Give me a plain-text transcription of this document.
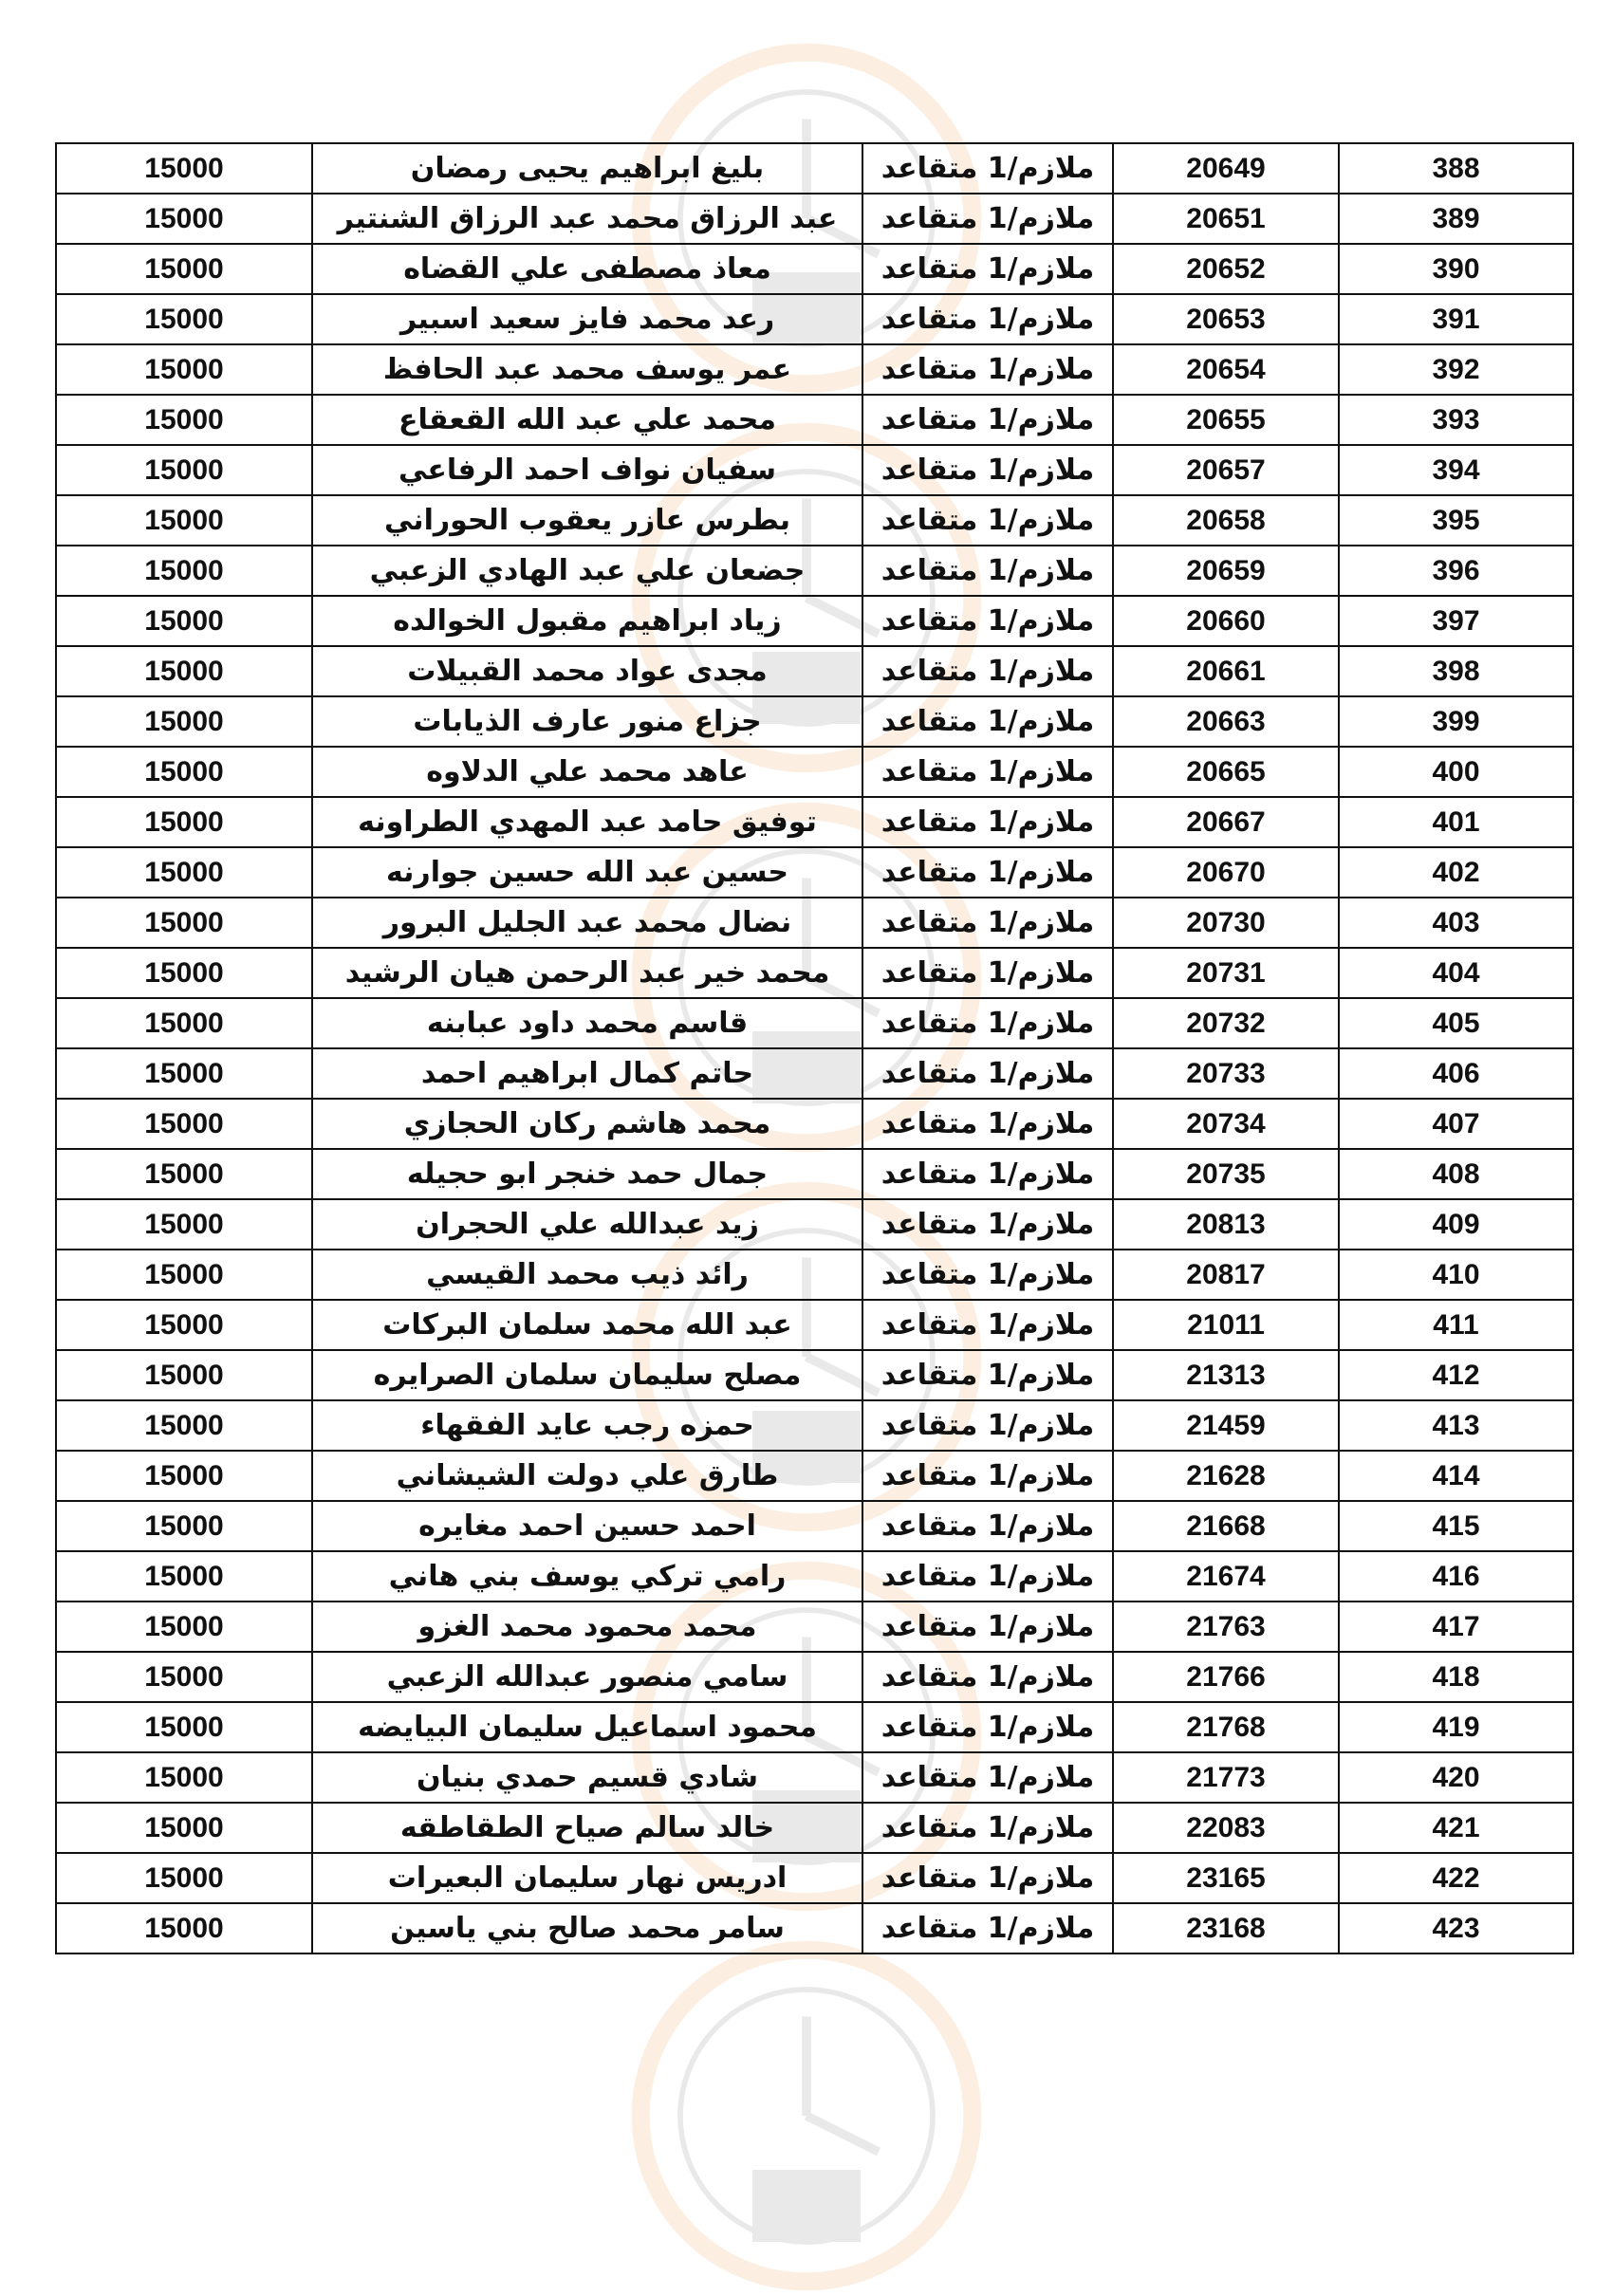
15000	بليغ ابراهيم يحيى رمضان	ملازم/1 متقاعد	20649	388
15000	عبد الرزاق محمد عبد الرزاق الشنتير	ملازم/1 متقاعد	20651	389
15000	معاذ مصطفى علي القضاه	ملازم/1 متقاعد	20652	390
15000	رعد محمد فايز سعيد اسبير	ملازم/1 متقاعد	20653	391
15000	عمر يوسف محمد عبد الحافظ	ملازم/1 متقاعد	20654	392
15000	محمد علي عبد الله القعقاع	ملازم/1 متقاعد	20655	393
15000	سفيان نواف احمد الرفاعي	ملازم/1 متقاعد	20657	394
15000	بطرس عازر يعقوب الحوراني	ملازم/1 متقاعد	20658	395
15000	جضعان علي عبد الهادي الزعبي	ملازم/1 متقاعد	20659	396
15000	زياد ابراهيم مقبول الخوالده	ملازم/1 متقاعد	20660	397
15000	مجدى عواد محمد القبيلات	ملازم/1 متقاعد	20661	398
15000	جزاع منور عارف الذيابات	ملازم/1 متقاعد	20663	399
15000	عاهد محمد علي الدلاوه	ملازم/1 متقاعد	20665	400
15000	توفيق حامد عبد المهدي الطراونه	ملازم/1 متقاعد	20667	401
15000	حسين عبد الله حسين جوارنه	ملازم/1 متقاعد	20670	402
15000	نضال محمد عبد الجليل البرور	ملازم/1 متقاعد	20730	403
15000	محمد خير عبد الرحمن هيان الرشيد	ملازم/1 متقاعد	20731	404
15000	قاسم محمد داود عبابنه	ملازم/1 متقاعد	20732	405
15000	حاتم كمال ابراهيم احمد	ملازم/1 متقاعد	20733	406
15000	محمد هاشم ركان الحجازي	ملازم/1 متقاعد	20734	407
15000	جمال حمد خنجر ابو حجيله	ملازم/1 متقاعد	20735	408
15000	زيد عبدالله علي الحجران	ملازم/1 متقاعد	20813	409
15000	رائد ذيب محمد القيسي	ملازم/1 متقاعد	20817	410
15000	عبد الله محمد سلمان البركات	ملازم/1 متقاعد	21011	411
15000	مصلح سليمان سلمان الصرايره	ملازم/1 متقاعد	21313	412
15000	حمزه رجب عايد الفقهاء	ملازم/1 متقاعد	21459	413
15000	طارق علي دولت الشيشاني	ملازم/1 متقاعد	21628	414
15000	احمد حسين احمد مغايره	ملازم/1 متقاعد	21668	415
15000	رامي تركي يوسف بني هاني	ملازم/1 متقاعد	21674	416
15000	محمد محمود محمد الغزو	ملازم/1 متقاعد	21763	417
15000	سامي منصور عبدالله الزعبي	ملازم/1 متقاعد	21766	418
15000	محمود اسماعيل سليمان البيايضه	ملازم/1 متقاعد	21768	419
15000	شادي قسيم حمدي بنيان	ملازم/1 متقاعد	21773	420
15000	خالد سالم صياح الطقاطقه	ملازم/1 متقاعد	22083	421
15000	ادريس نهار سليمان البعيرات	ملازم/1 متقاعد	23165	422
15000	سامر محمد صالح بني ياسين	ملازم/1 متقاعد	23168	423
